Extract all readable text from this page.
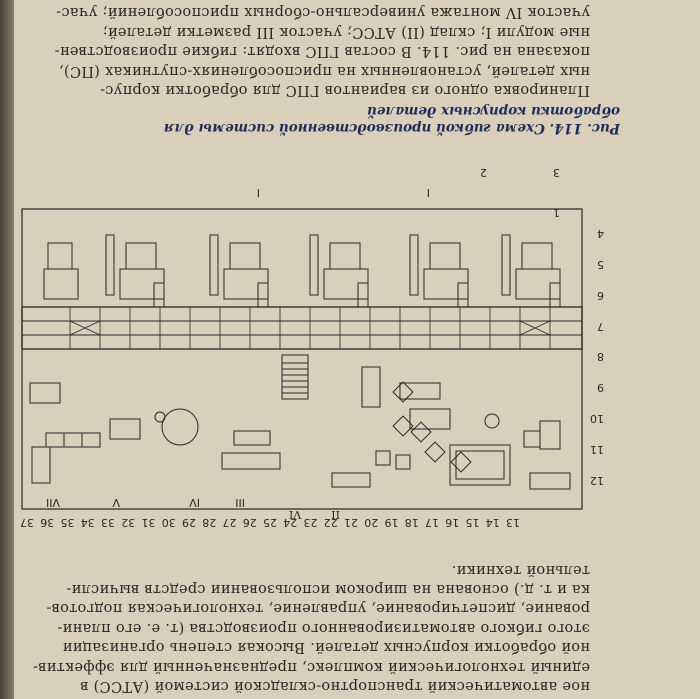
ное автоматический транспортно-складской системой (АТСС) в

единый технологический комплекс, предназначенный для эффектив-

ной обработки корпусных деталей. Высокая степень организации

этого гибкого автоматизированного производства (т. е. его плани-

рование, диспетчирование, управление, технологическая подготов-

ка и т. д.) основана на широком использовании средств вычисли-

тельной техники.

1
I
I
III
IV
V
VII
13
14
15
16
17
18
19
20
21
22
23
24
25
26
27
28
29
30
31
32
33
34
35
36
37
12
11
10
9
8
7
6
5
4
3
2
II
VI
Рис. 114. Схема гибкой производственной системы для обработки корпусных деталей

Планировка одного из вариантов ГПС для обработки корпус-

ных деталей, установленных на приспособлениях-спутниках (ПС),

показана на рис. 114. В состав ГПС входят: гибкие производствен-

ные модули I; склад (II) АТСС; участок III разметки деталей;

участок IV монтажа универсально-сборных приспособлений; учас-
